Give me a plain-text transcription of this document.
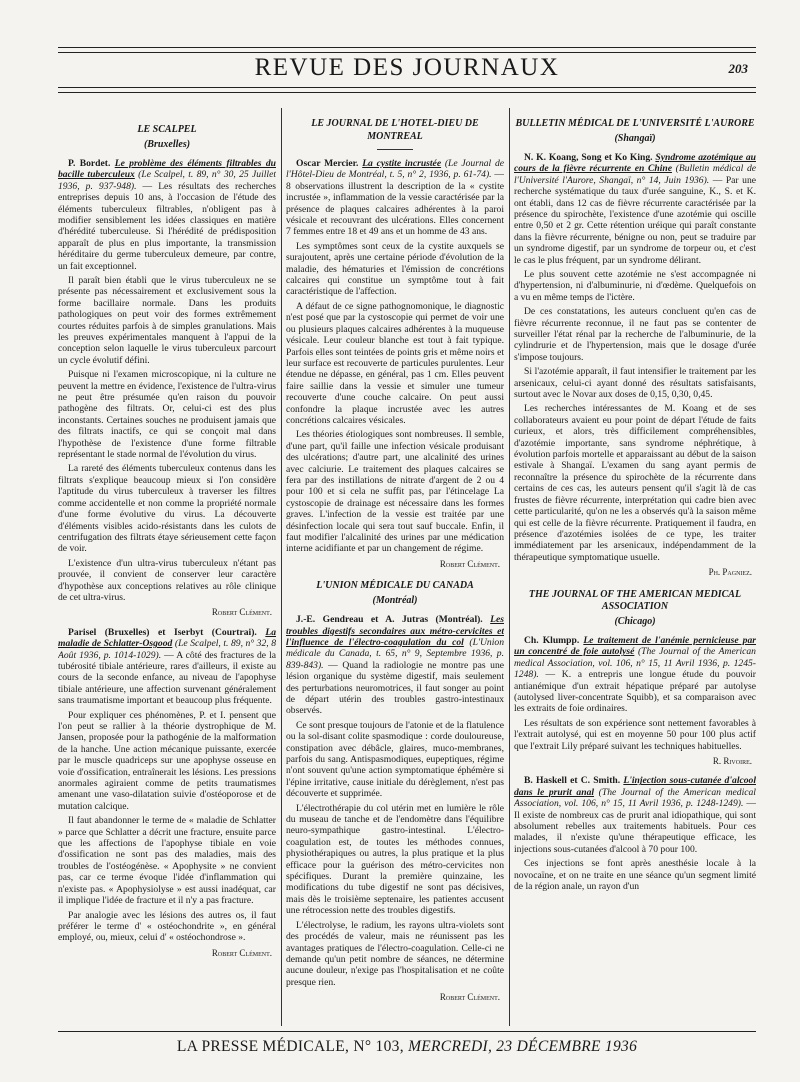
REVUE DES JOURNAUX	203
LE SCALPEL
(Bruxelles)

P. Bordet. Le problème des éléments filtrables du bacille tuberculeux (Le Scalpel, t. 89, n° 30, 25 Juillet 1936, p. 937-948). — Les résultats des recherches entreprises depuis 10 ans, à l'occasion de l'étude des éléments tuberculeux filtrables, n'obligent pas à modifier sensiblement les idées classiques en matière d'hérédité tuberculeuse. Si l'hérédité de prédisposition apparaît de plus en plus importante, la transmission héréditaire du germe tuberculeux demeure, par contre, un fait exceptionnel.

Il paraît bien établi que le virus tuberculeux ne se présente pas nécessairement et exclusivement sous la forme bacillaire normale. Dans les produits pathologiques on peut voir des formes extrêmement courtes réduites parfois à de simples granulations. Mais les preuves expérimentales manquent à l'appui de la conception selon laquelle le virus tuberculeux parcourt un cycle évolutif défini.

Puisque ni l'examen microscopique, ni la culture ne peuvent la mettre en évidence, l'existence de l'ultra-virus ne peut être présumée qu'en raison du pouvoir pathogène des filtrats. Or, celui-ci est des plus inconstants. Certaines souches ne produisent jamais que des filtrats inactifs, ce qui se conçoit mal dans l'hypothèse de l'existence d'une forme filtrable représentant le stade normal de l'évolution du virus.

La rareté des éléments tuberculeux contenus dans les filtrats s'explique beaucoup mieux si l'on considère l'aptitude du virus tuberculeux à traverser les filtres comme accidentelle et non comme la propriété normale d'une forme évolutive du virus. La découverte d'éléments visibles acido-résistants dans les culots de centrifugation des filtrats étaye sérieusement cette façon de voir.

L'existence d'un ultra-virus tuberculeux n'étant pas prouvée, il convient de conserver leur caractère d'hypothèse aux conceptions relatives au rôle clinique de cet ultra-virus.

Robert Clément.

Parisel (Bruxelles) et Iserbyt (Courtrai). La maladie de Schlatter-Osgood (Le Scalpel, t. 89, n° 32, 8 Août 1936, p. 1014-1029). — A côté des fractures de la tubérosité tibiale antérieure, rares d'ailleurs, il existe au cours de la seconde enfance, au niveau de l'apophyse tibiale antérieure, une affection survenant généralement sans traumatisme important et beaucoup plus fréquente.

Pour expliquer ces phénomènes, P. et I. pensent que l'on peut se rallier à la théorie dystrophique de M. Jansen, proposée pour la pathogénie de la malformation de la hanche. Une action mécanique puissante, exercée par le muscle quadriceps sur une apophyse osseuse en voie d'ossification, entraînerait les lésions. Les pressions anormales agiraient comme de petits traumatismes amenant une vaso-dilatation suivie d'ostéoporose et de mutation calcique.

Il faut abandonner le terme de « maladie de Schlatter » parce que Schlatter a décrit une fracture, ensuite parce que les affections de l'apophyse tibiale en voie d'ossification ne sont pas des maladies, mais des troubles de l'ostéogénèse. « Apophysite » ne convient pas, car ce terme évoque l'idée d'inflammation qui n'existe pas. « Apophysiolyse » est aussi inadéquat, car il implique l'idée de fracture et il n'y a pas fracture.

Par analogie avec les lésions des autres os, il faut préférer le terme d' « ostéochondrite », en général employé, ou, mieux, celui d' « ostéochondrose ».

Robert Clément.
LE JOURNAL DE L'HOTEL-DIEU DE MONTREAL

Oscar Mercier. La cystite incrustée (Le Journal de l'Hôtel-Dieu de Montréal, t. 5, n° 2, 1936, p. 61-74). — 8 observations illustrent la description de la « cystite incrustée », inflammation de la vessie caractérisée par la présence de plaques calcaires adhérentes à la paroi vésicale et recouvrant des ulcérations. Elles concernent 7 femmes entre 18 et 49 ans et un homme de 43 ans.

Les symptômes sont ceux de la cystite auxquels se surajoutent, après une certaine période d'évolution de la maladie, des hématuries et l'émission de concrétions calcaires qui constitue un symptôme tout à fait caractéristique de l'affection.

A défaut de ce signe pathognomonique, le diagnostic n'est posé que par la cystoscopie qui permet de voir une ou plusieurs plaques calcaires adhérentes à la muqueuse vésicale. Leur couleur blanche est tout à fait typique. Parfois elles sont teintées de points gris et même noirs et leur surface est recouverte de particules purulentes. Leur étendue ne dépasse, en général, pas 1 cm. Elles peuvent faire saillie dans la vessie et simuler une tumeur recouverte d'une couche calcaire. On peut aussi confondre la plaque incrustée avec les autres concrétions calcaires vésicales.

Les théories étiologiques sont nombreuses. Il semble, d'une part, qu'il faille une infection vésicale produisant des ulcérations; d'autre part, une alcalinité des urines avec calciurie. Le traitement des plaques calcaires se fera par des instillations de nitrate d'argent de 2 ou 4 pour 100 et si cela ne suffit pas, par l'étincelage La cystoscopie de drainage est nécessaire dans les formes graves. L'infection de la vessie est traitée par une désinfection locale qui sera tout sauf buccale. Enfin, il faut modifier l'alcalinité des urines par une médication interne acidifiante et par un changement de régime.

Robert Clément.
L'UNION MÉDICALE DU CANADA
(Montréal)

J.-E. Gendreau et A. Jutras (Montréal). Les troubles digestifs secondaires aux métro-cervicites et l'influence de l'électro-coagulation du col (L'Union médicale du Canada, t. 65, n° 9, Septembre 1936, p. 839-843). — Quand la radiologie ne montre pas une lésion organique du système digestif, mais seulement des perturbations neuromotrices, il faut songer au point de départ utérin des troubles gastro-intestinaux observés.

Ce sont presque toujours de l'atonie et de la flatulence ou la sol-disant colite spasmodique : corde douloureuse, constipation avec débâcle, glaires, muco-membranes, parfois du sang. Antispasmodiques, eupeptiques, régime n'ont souvent qu'une action symptomatique éphémère si l'épine irritative, cause initiale du dérèglement, n'est pas découverte et supprimée.

L'électrothérapie du col utérin met en lumière le rôle du museau de tanche et de l'endomètre dans l'équilibre neuro-sympathique gastro-intestinal. L'électro-coagulation est, de toutes les méthodes connues, physiothérapiques ou autres, la plus pratique et la plus efficace pour la guérison des métro-cervicites non spécifiques. Durant la première quinzaine, les modifications du tube digestif ne sont pas décisives, mais dès le troisième septenaire, les patientes accusent une rétrocession nette des troubles digestifs.

L'électrolyse, le radium, les rayons ultra-violets sont des procédés de valeur, mais ne réunissent pas les avantages pratiques de l'électro-coagulation. Celle-ci ne demande qu'un petit nombre de séances, ne détermine aucune douleur, n'exige pas l'hospitalisation et ne coûte presque rien.

Robert Clément.
BULLETIN MÉDICAL DE L'UNIVERSITÉ L'AURORE
(Shangaï)

N. K. Koang, Song et Ko King. Syndrome azotémique au cours de la fièvre récurrente en Chine (Bulletin médical de l'Université l'Aurore, Shangaï, n° 14, Juin 1936). — Par une recherche systématique du taux d'urée sanguine, K., S. et K. ont établi, dans 12 cas de fièvre récurrente caractérisée par la présence du spirochète, l'existence d'une azotémie qui oscille entre 0,50 et 2 gr. Cette rétention uréique qui paraît constante dans la fièvre récurrente, bénigne ou non, peut se traduire par un syndrome digestif, par un syndrome de torpeur ou, et c'est le cas le plus fréquent, par un syndrome délirant.

Le plus souvent cette azotémie ne s'est accompagnée ni d'hypertension, ni d'albuminurie, ni d'œdème. Quelquefois on a vu en même temps de l'ictère.

De ces constatations, les auteurs concluent qu'en cas de fièvre récurrente reconnue, il ne faut pas se contenter de surveiller l'état rénal par la recherche de l'albuminurie, de la cylindrurie et de l'hypertension, mais que le dosage d'urée s'impose toujours.

Si l'azotémie apparaît, il faut intensifier le traitement par les arsenicaux, celui-ci ayant donné des résultats satisfaisants, surtout avec le Novar aux doses de 0,15, 0,30, 0,45.

Les recherches intéressantes de M. Koang et de ses collaborateurs avaient eu pour point de départ l'étude de faits curieux, et alors, très difficilement compréhensibles, d'azotémie importante, sans syndrome néphrétique, à évolution parfois mortelle et apparaissant au début de la saison estivale à Shangaï. L'examen du sang ayant permis de reconnaître la présence du spirochète de la récurrente dans certains de ces cas, les auteurs pensent qu'il s'agit là de cas frustes de fièvre récurrente, interprétation qui cadre bien avec cette particularité, qu'on ne les a observés qu'à la saison même qui est celle de la fièvre récurrente. Pratiquement il faudra, en présence d'azotémies isolées de ce type, les traiter immédiatement par les arsenicaux, indépendamment de la thérapeutique symptomatique usuelle.

Ph. Pagniez.
THE JOURNAL OF THE AMERICAN MEDICAL ASSOCIATION
(Chicago)

Ch. Klumpp. Le traitement de l'anémie pernicieuse par un concentré de foie autolysé (The Journal of the American medical Association, vol. 106, n° 15, 11 Avril 1936, p. 1245-1248). — K. a entrepris une longue étude du pouvoir antianémique d'un extrait hépatique préparé par autolyse (autolysed liver-concentrate Squibb), et sa comparaison avec les extraits de foie ordinaires.

Les résultats de son expérience sont nettement favorables à l'extrait autolysé, qui est en moyenne 50 pour 100 plus actif que l'extrait Lily préparé suivant les techniques habituelles.

R. Rivoire.

B. Haskell et C. Smith. L'injection sous-cutanée d'alcool dans le prurit anal (The Journal of the American medical Association, vol. 106, n° 15, 11 Avril 1936, p. 1248-1249). — Il existe de nombreux cas de prurit anal idiopathique, qui sont absolument rebelles aux traitements habituels. Pour ces malades, il n'existe qu'une thérapeutique efficace, les injections sous-cutanées d'alcool à 70 pour 100.

Ces injections se font après anesthésie locale à la novocaïne, et on ne traite en une séance qu'un segment limité de la région anale, un rayon d'un

LA PRESSE MÉDICALE, N° 103, MERCREDI, 23 DÉCEMBRE 1936
